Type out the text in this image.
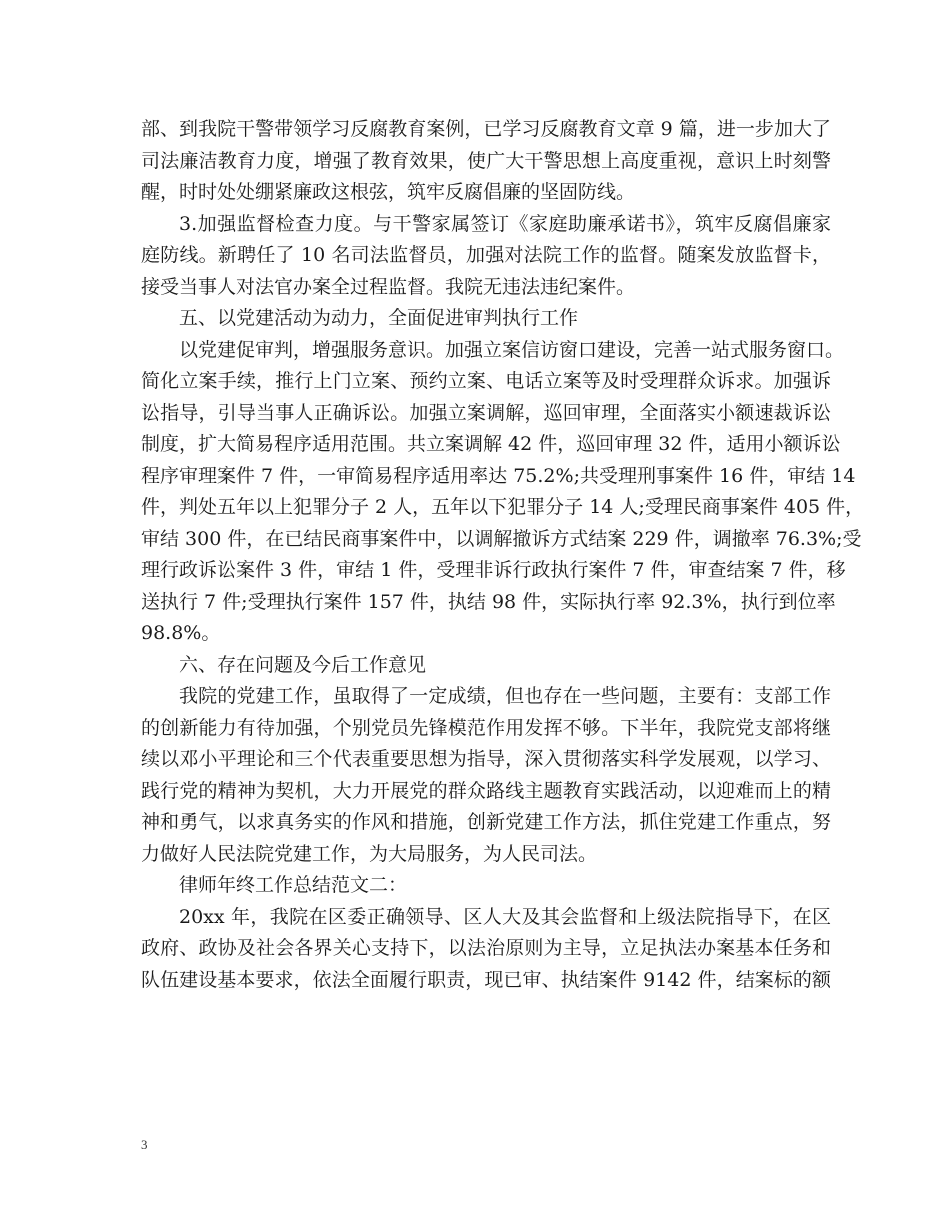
部、到我院干警带领学习反腐教育案例，已学习反腐教育文章 9 篇，进一步加大了
司法廉洁教育力度，增强了教育效果，使广大干警思想上高度重视，意识上时刻警
醒，时时处处绷紧廉政这根弦，筑牢反腐倡廉的坚固防线。
3.加强监督检查力度。与干警家属签订《家庭助廉承诺书》，筑牢反腐倡廉家
庭防线。新聘任了 10 名司法监督员，加强对法院工作的监督。随案发放监督卡，
接受当事人对法官办案全过程监督。我院无违法违纪案件。
五、以党建活动为动力，全面促进审判执行工作
以党建促审判，增强服务意识。加强立案信访窗口建设，完善一站式服务窗口。
简化立案手续，推行上门立案、预约立案、电话立案等及时受理群众诉求。加强诉
讼指导，引导当事人正确诉讼。加强立案调解，巡回审理，全面落实小额速裁诉讼
制度，扩大简易程序适用范围。共立案调解 42 件，巡回审理 32 件，适用小额诉讼
程序审理案件 7 件，一审简易程序适用率达 75.2%;共受理刑事案件 16 件，审结 14
件，判处五年以上犯罪分子 2 人，五年以下犯罪分子 14 人;受理民商事案件 405 件，
审结 300 件，在已结民商事案件中，以调解撤诉方式结案 229 件，调撤率 76.3%;受
理行政诉讼案件 3 件，审结 1 件，受理非诉行政执行案件 7 件，审查结案 7 件，移
送执行 7 件;受理执行案件 157 件，执结 98 件，实际执行率 92.3%，执行到位率
98.8%。
六、存在问题及今后工作意见
我院的党建工作，虽取得了一定成绩，但也存在一些问题，主要有：支部工作
的创新能力有待加强，个别党员先锋模范作用发挥不够。下半年，我院党支部将继
续以邓小平理论和三个代表重要思想为指导，深入贯彻落实科学发展观，以学习、
践行党的精神为契机，大力开展党的群众路线主题教育实践活动，以迎难而上的精
神和勇气，以求真务实的作风和措施，创新党建工作方法，抓住党建工作重点，努
力做好人民法院党建工作，为大局服务，为人民司法。
律师年终工作总结范文二：
20xx 年，我院在区委正确领导、区人大及其会监督和上级法院指导下，在区
政府、政协及社会各界关心支持下，以法治原则为主导，立足执法办案基本任务和
队伍建设基本要求，依法全面履行职责，现已审、执结案件 9142 件，结案标的额
3
